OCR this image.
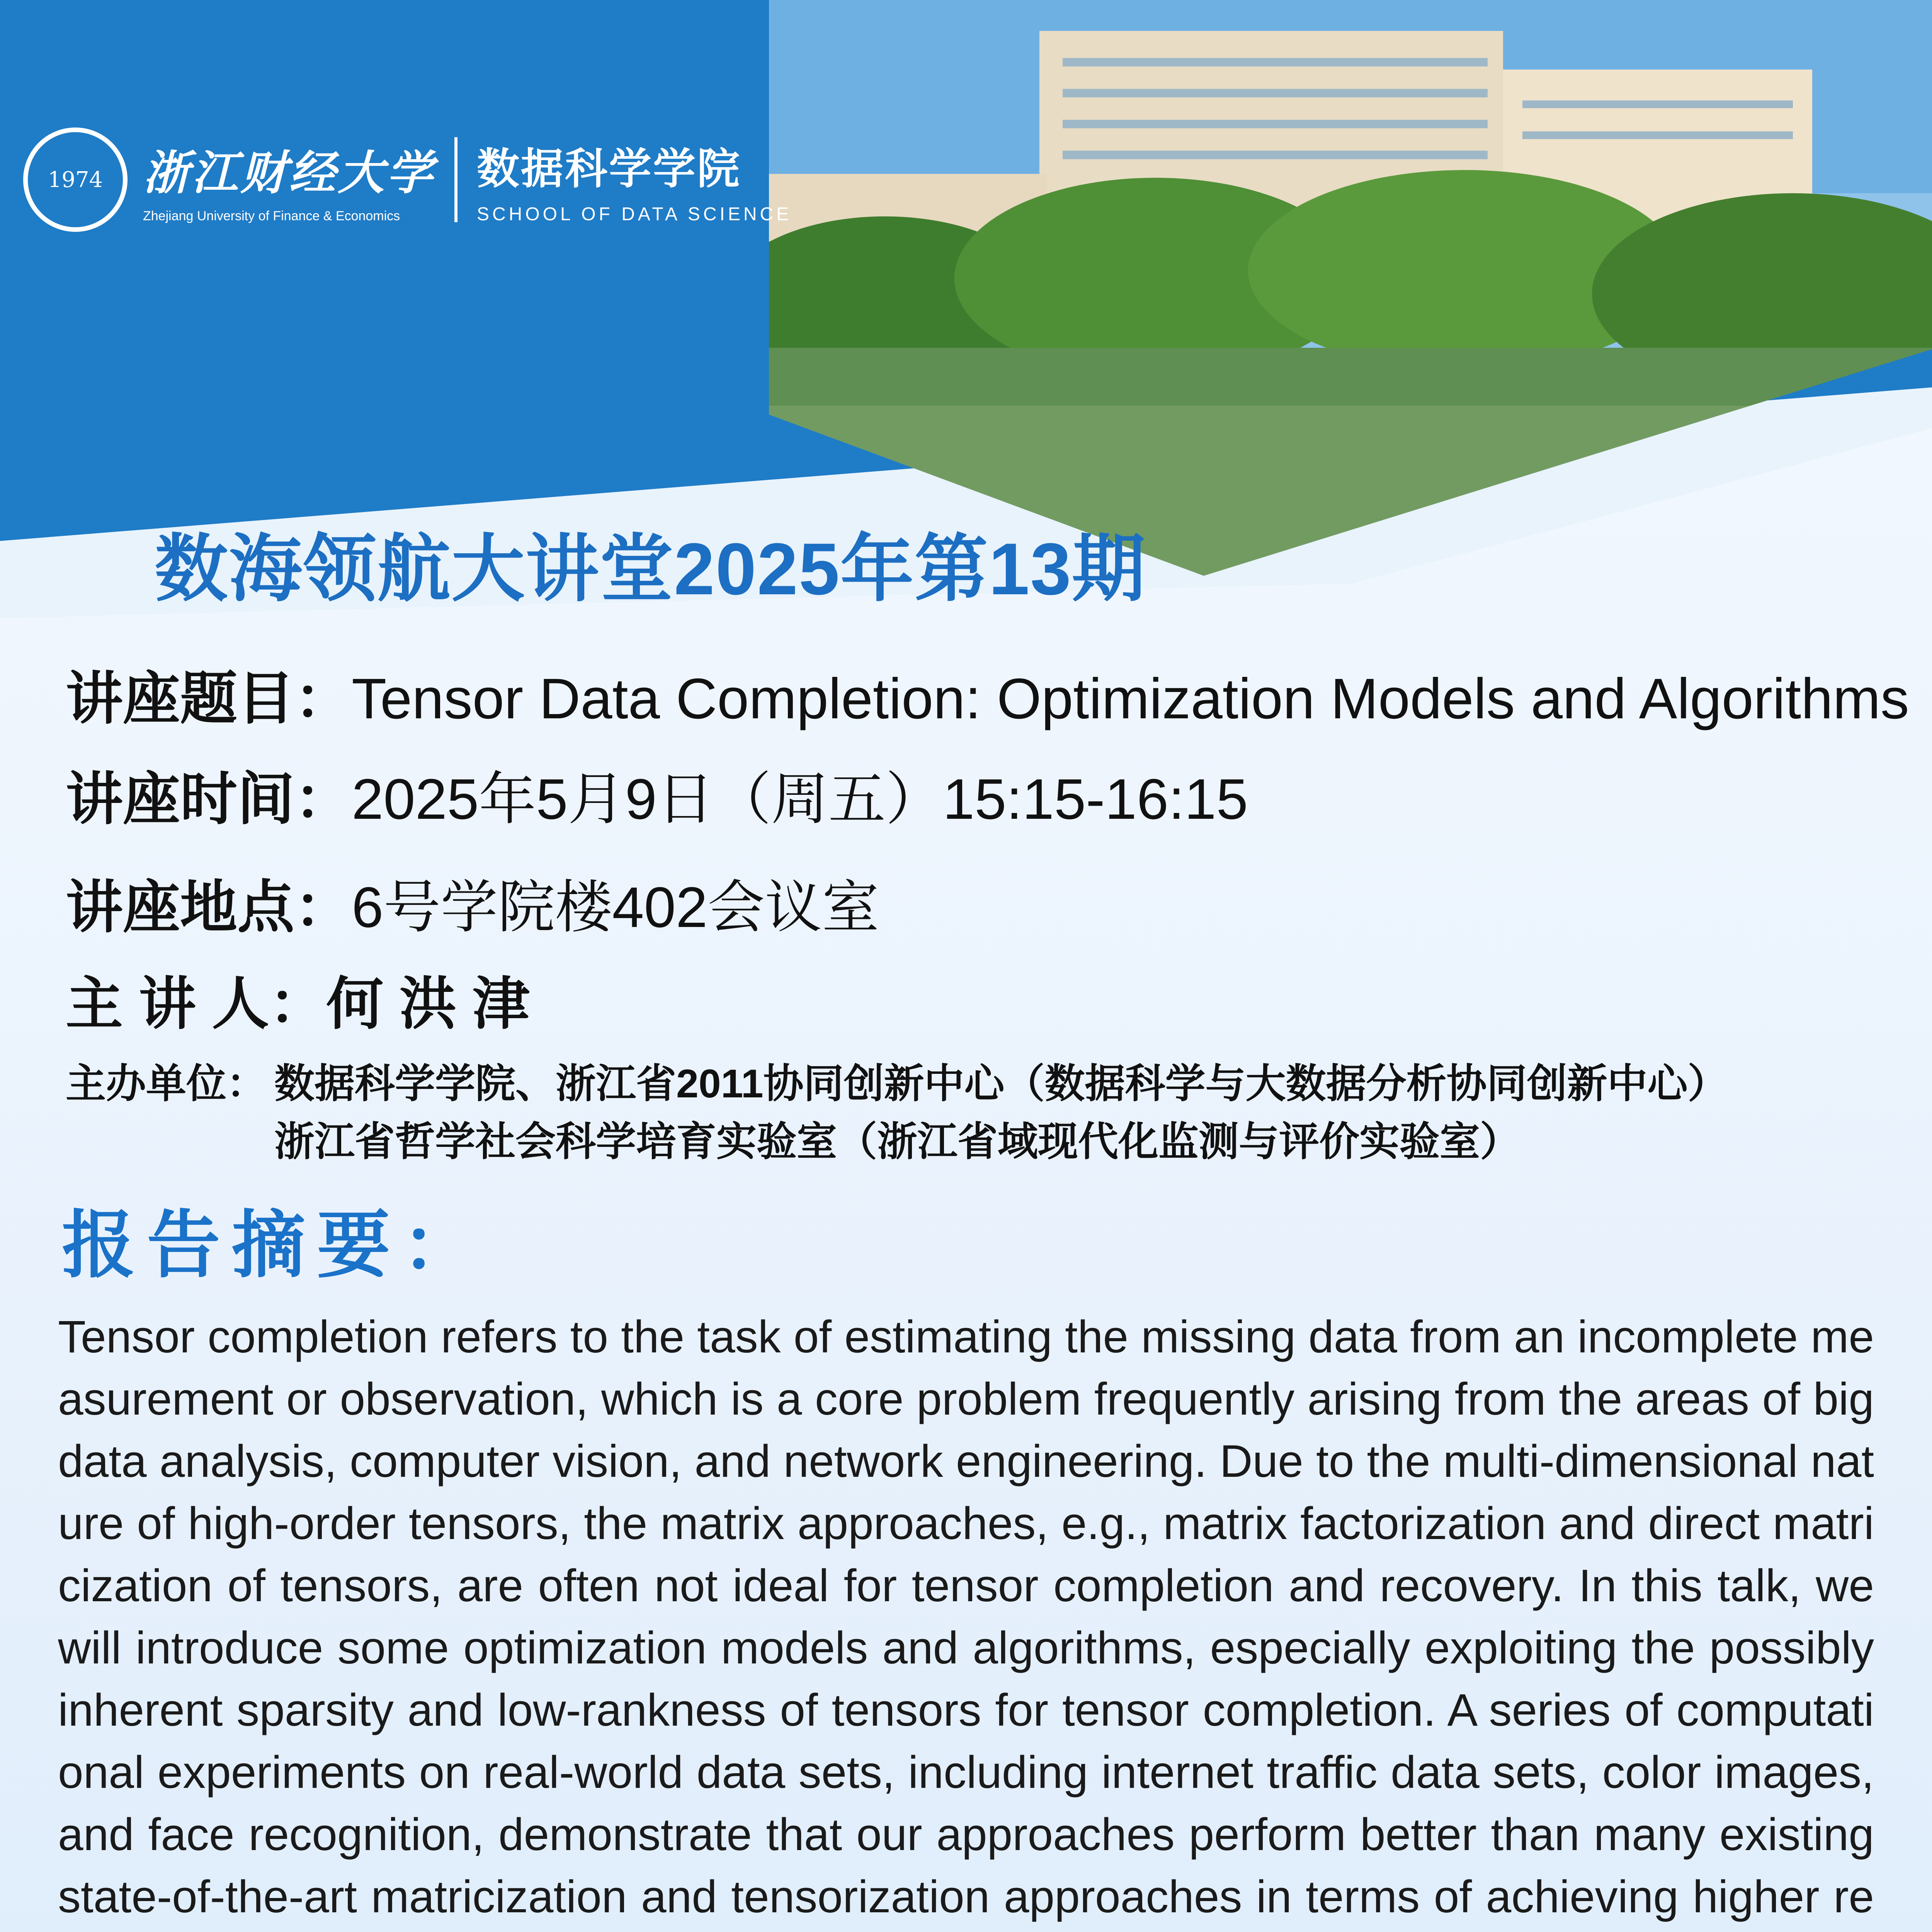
1974 浙江财经大学
Zhejiang University of Finance & Economics
数据科学学院
SCHOOL OF DATA SCIENCE
数海领航大讲堂2025年第13期
讲座题目：Tensor Data Completion: Optimization Models and Algorithms
讲座时间：2025年5月9日（周五）15:15-16:15
讲座地点：6号学院楼402会议室
主 讲 人：何 洪 津
主办单位： 数据科学学院、浙江省2011协同创新中心（数据科学与大数据分析协同创新中心）
浙江省哲学社会科学培育实验室（浙江省域现代化监测与评价实验室）
报告摘要：
Tensor completion refers to the task of estimating the missing data from an incomplete measurement or observation, which is a core problem frequently arising from the areas of big data analysis, computer vision, and network engineering. Due to the multi-dimensional nature of high-order tensors, the matrix approaches, e.g., matrix factorization and direct matricization of tensors, are often not ideal for tensor completion and recovery. In this talk, we will introduce some optimization models and algorithms, especially exploiting the possibly inherent sparsity and low-rankness of tensors for tensor completion. A series of computational experiments on real-world data sets, including internet traffic data sets, color images, and face recognition, demonstrate that our approaches perform better than many existing state-of-the-art matricization and tensorization approaches in terms of achieving higher re
